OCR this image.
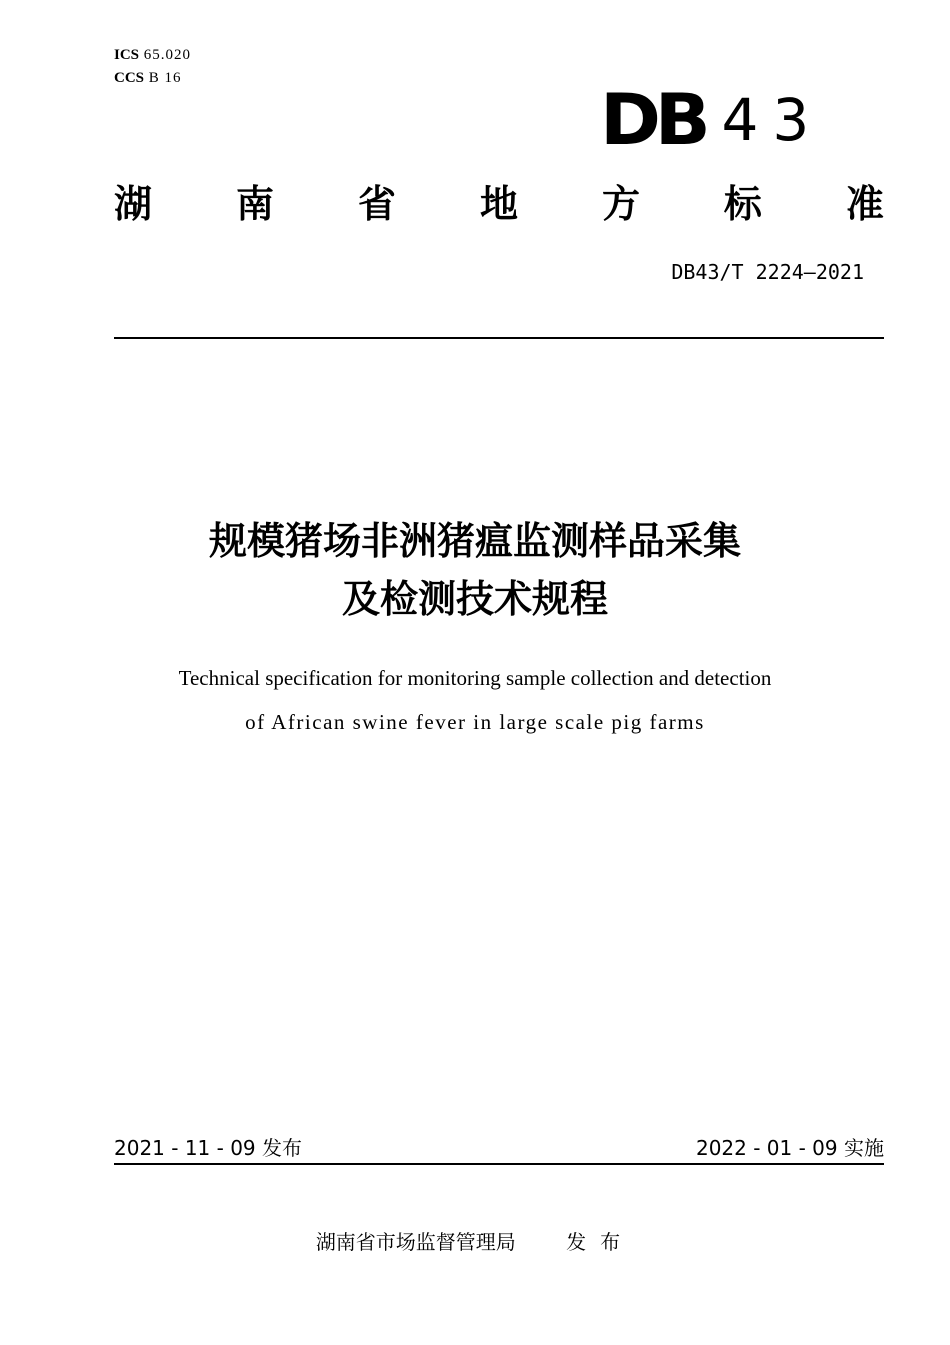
ICS 65.020
CCS B 16
DB 43
湖 南 省 地 方 标 准
DB43/T 2224—2021
规模猪场非洲猪瘟监测样品采集
及检测技术规程
Technical specification for monitoring sample collection and detection
of African swine fever in large scale pig farms
2021 - 11 - 09 发布	2022 - 01 - 09 实施
湖南省市场监督管理局	发布
